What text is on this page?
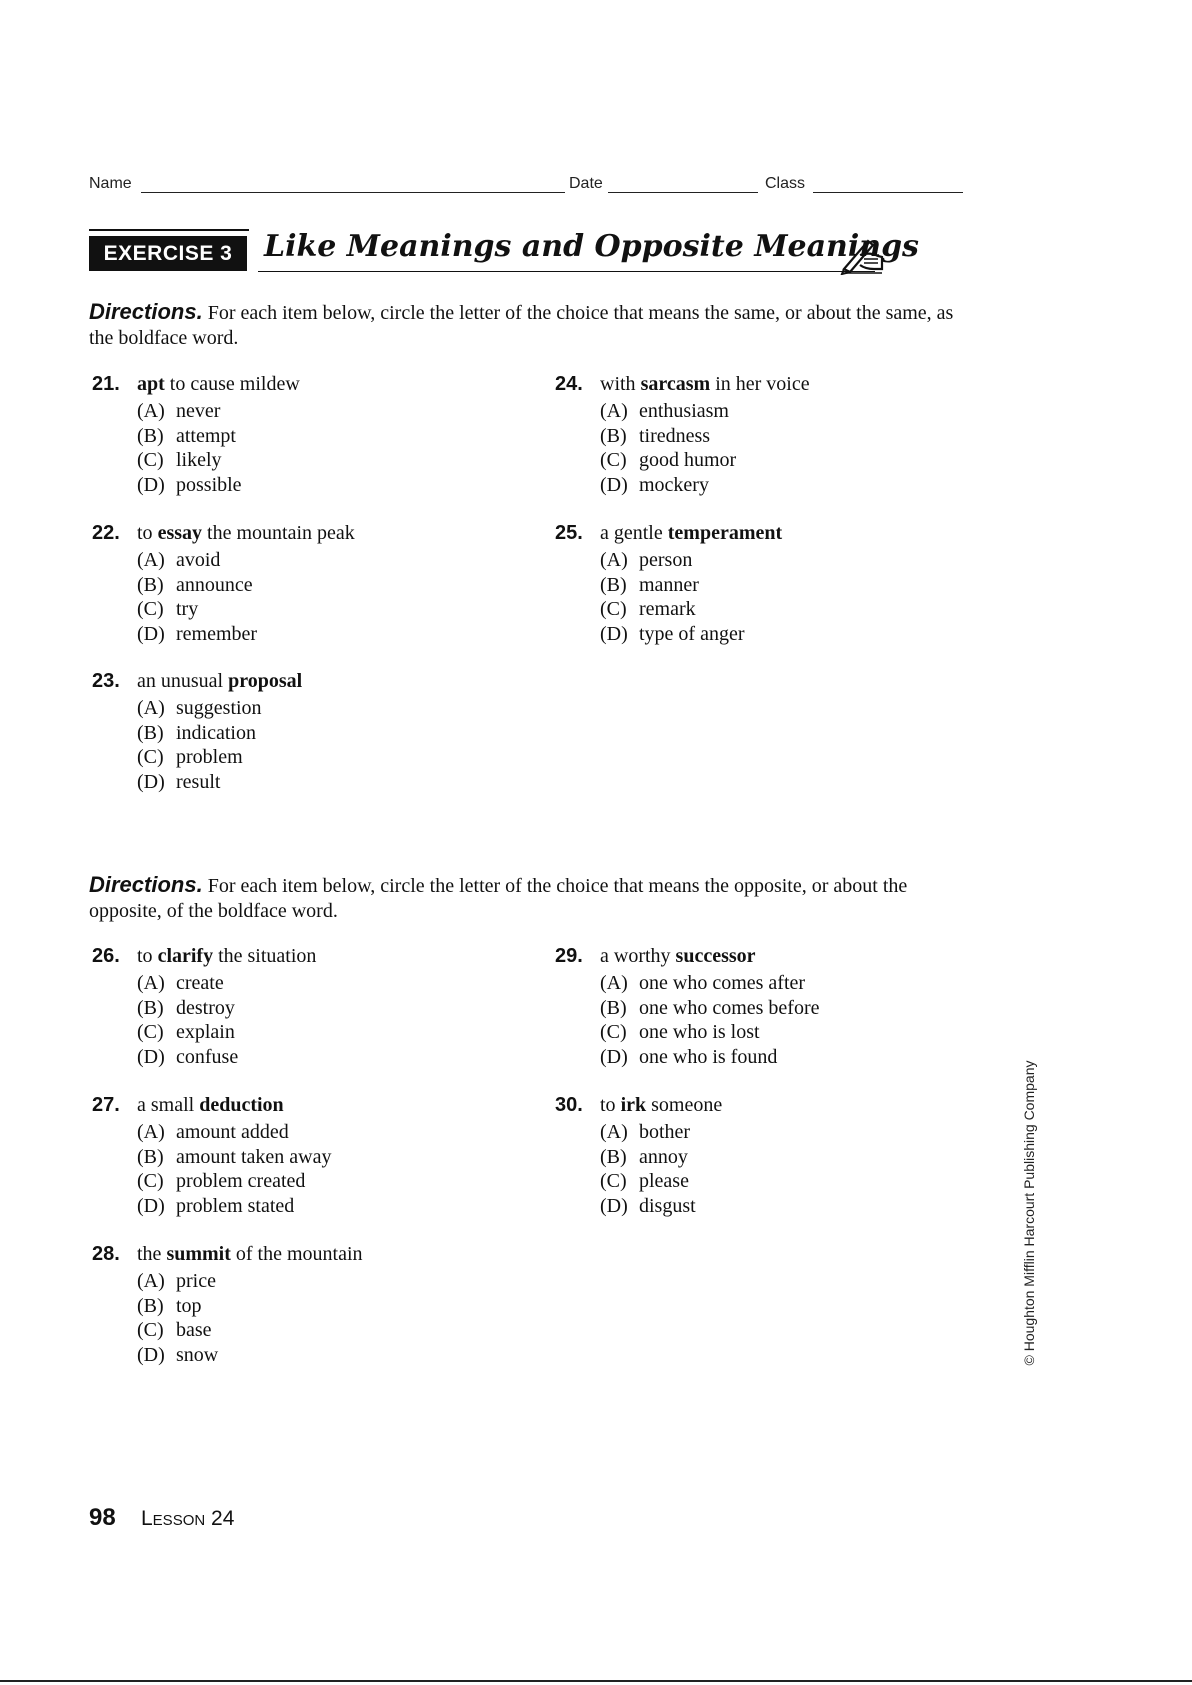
Name	Date	Class
EXERCISE 3	Like Meanings and Opposite Meanings
Directions. For each item below, circle the letter of the choice that means the same, or about the same, as the boldface word.
21. apt to cause mildew
(A) never
(B) attempt
(C) likely
(D) possible
22. to essay the mountain peak
(A) avoid
(B) announce
(C) try
(D) remember
23. an unusual proposal
(A) suggestion
(B) indication
(C) problem
(D) result
24. with sarcasm in her voice
(A) enthusiasm
(B) tiredness
(C) good humor
(D) mockery
25. a gentle temperament
(A) person
(B) manner
(C) remark
(D) type of anger
Directions. For each item below, circle the letter of the choice that means the opposite, or about the opposite, of the boldface word.
26. to clarify the situation
(A) create
(B) destroy
(C) explain
(D) confuse
27. a small deduction
(A) amount added
(B) amount taken away
(C) problem created
(D) problem stated
28. the summit of the mountain
(A) price
(B) top
(C) base
(D) snow
29. a worthy successor
(A) one who comes after
(B) one who comes before
(C) one who is lost
(D) one who is found
30. to irk someone
(A) bother
(B) annoy
(C) please
(D) disgust	© Houghton Mifflin Harcourt Publishing Company
98 Lesson 24
